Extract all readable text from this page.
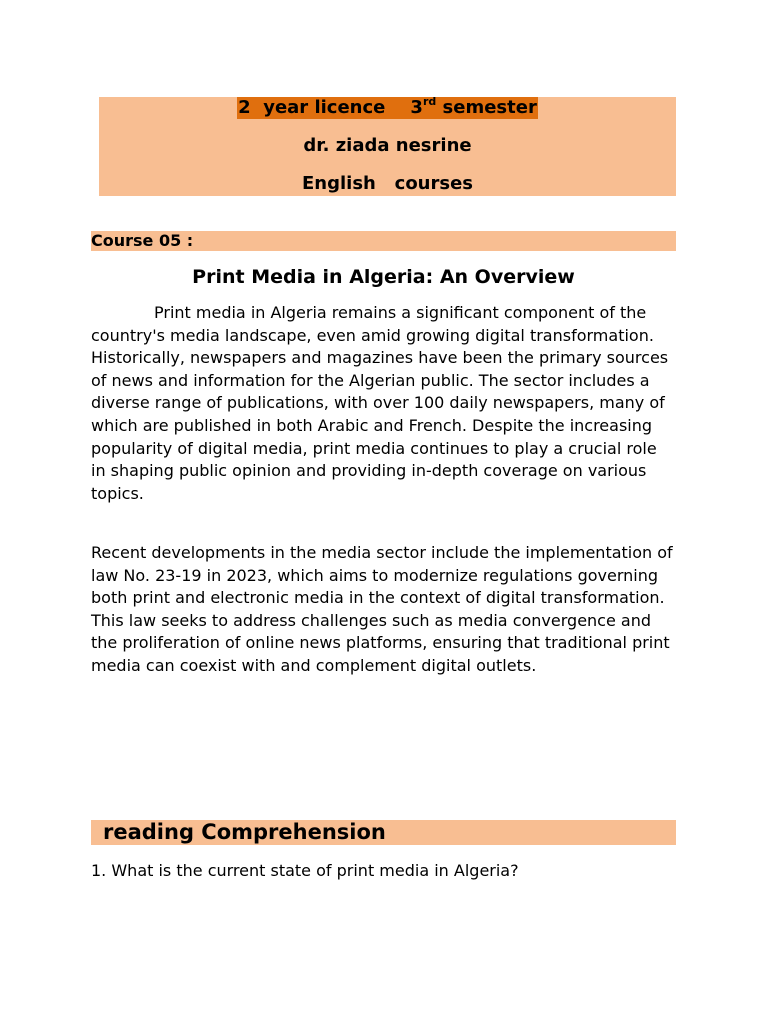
2  year licence    3rd semester
dr. ziada nesrine
English   courses
Course 05 :
Print Media in Algeria: An Overview

Print media in Algeria remains a significant component of the country's media landscape, even amid growing digital transformation. Historically, newspapers and magazines have been the primary sources of news and information for the Algerian public. The sector includes a diverse range of publications, with over 100 daily newspapers, many of which are published in both Arabic and French. Despite the increasing popularity of digital media, print media continues to play a crucial role in shaping public opinion and providing in-depth coverage on various topics.

Recent developments in the media sector include the implementation of law No. 23-19 in 2023, which aims to modernize regulations governing both print and electronic media in the context of digital transformation. This law seeks to address challenges such as media convergence and the proliferation of online news platforms, ensuring that traditional print media can coexist with and complement digital outlets.

reading Comprehension
1. What is the current state of print media in Algeria?
